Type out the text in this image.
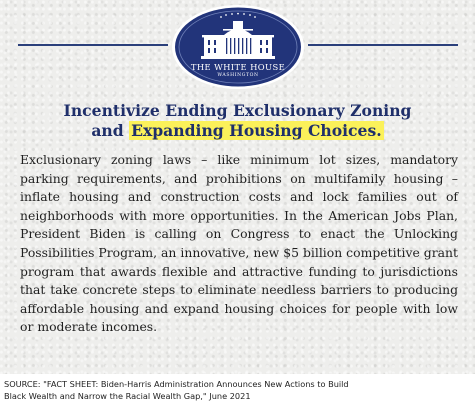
THE WHITE HOUSE
WASHINGTON
Incentivize Ending Exclusionary Zoning
and Expanding Housing Choices.
Exclusionary zoning laws – like minimum lot sizes, mandatory parking requirements, and prohibitions on multifamily housing – inflate housing and construction costs and lock families out of neighborhoods with more opportunities. In the American Jobs Plan, President Biden is calling on Congress to enact the Unlocking Possibilities Program, an innovative, new $5 billion competitive grant program that awards flexible and attractive funding to jurisdictions that take concrete steps to eliminate needless barriers to producing affordable housing and expand housing choices for people with low or moderate incomes.
SOURCE: "FACT SHEET: Biden-Harris Administration Announces New Actions to Build
Black Wealth and Narrow the Racial Wealth Gap," June 2021
